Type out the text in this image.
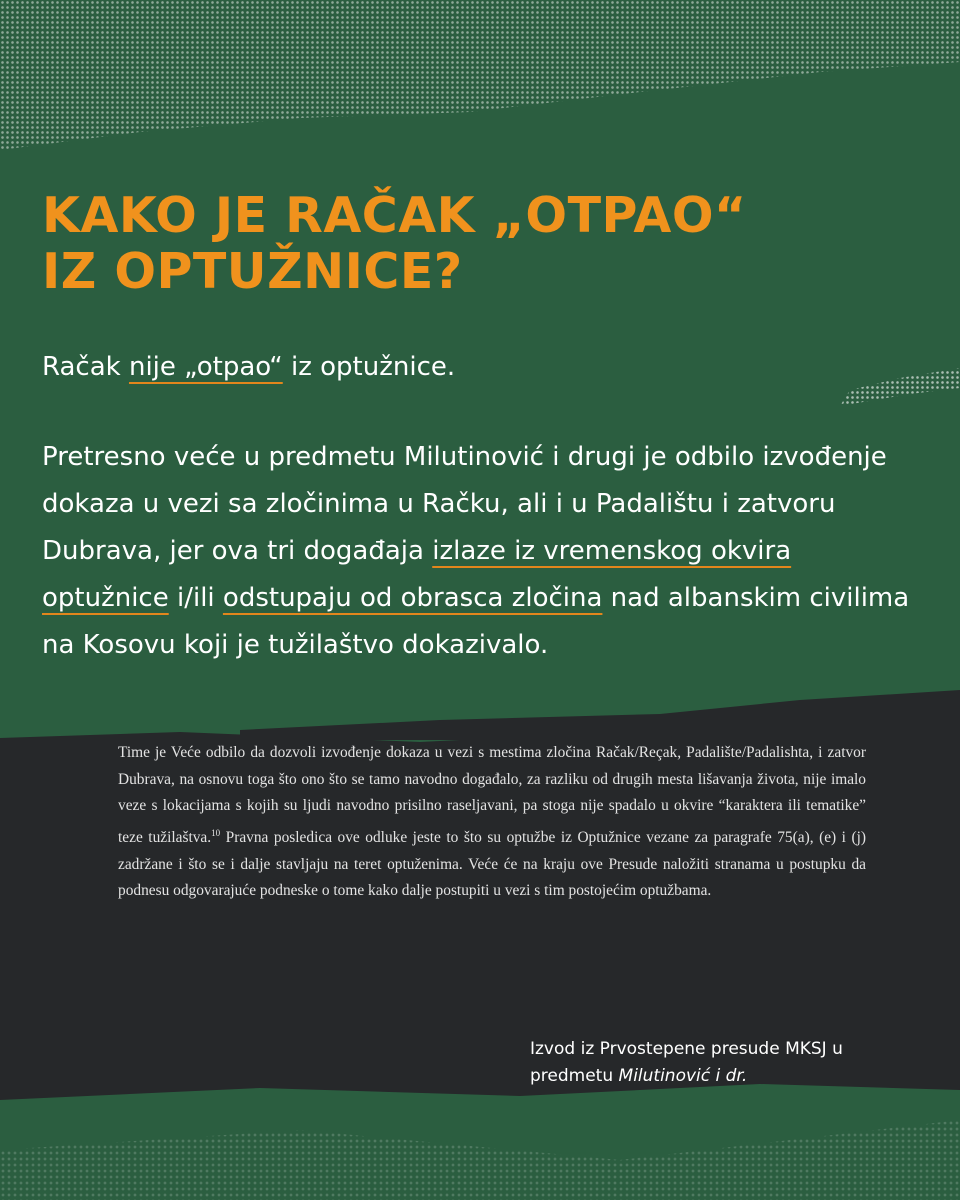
KAKO JE RAČAK „OTPAO“
IZ OPTUŽNICE?
Račak nije „otpao“ iz optužnice.
Pretresno veće u predmetu Milutinović i drugi je odbilo izvođenje dokaza u vezi sa zločinima u Račku, ali i u Padalištu i zatvoru Dubrava, jer ova tri događaja izlaze iz vremenskog okvira optužnice i/ili odstupaju od obrasca zločina nad albanskim civilima na Kosovu koji je tužilaštvo dokazivalo.

Time je Veće odbilo da dozvoli izvođenje dokaza u vezi s mestima zločina Račak/Reçak, Padalište/Padalishta, i zatvor Dubrava, na osnovu toga što ono što se tamo navodno događalo, za razliku od drugih mesta lišavanja života, nije imalo veze s lokacijama s kojih su ljudi navodno prisilno raseljavani, pa stoga nije spadalo u okvire “karaktera ili tematike” teze tužilaštva.$^{10}$ Pravna posledica ove odluke jeste to što su optužbe iz Optužnice vezane za paragrafe 75(a), (e) i (j) zadržane i što se i dalje stavljaju na teret optuženima. Veće će na kraju ove Presude naložiti stranama u postupku da podnesu odgovarajuće podneske o tome kako dalje postupiti u vezi s tim postojećim optužbama.

Izvod iz Prvostepene presude MKSJ u predmetu Milutinović i dr.
